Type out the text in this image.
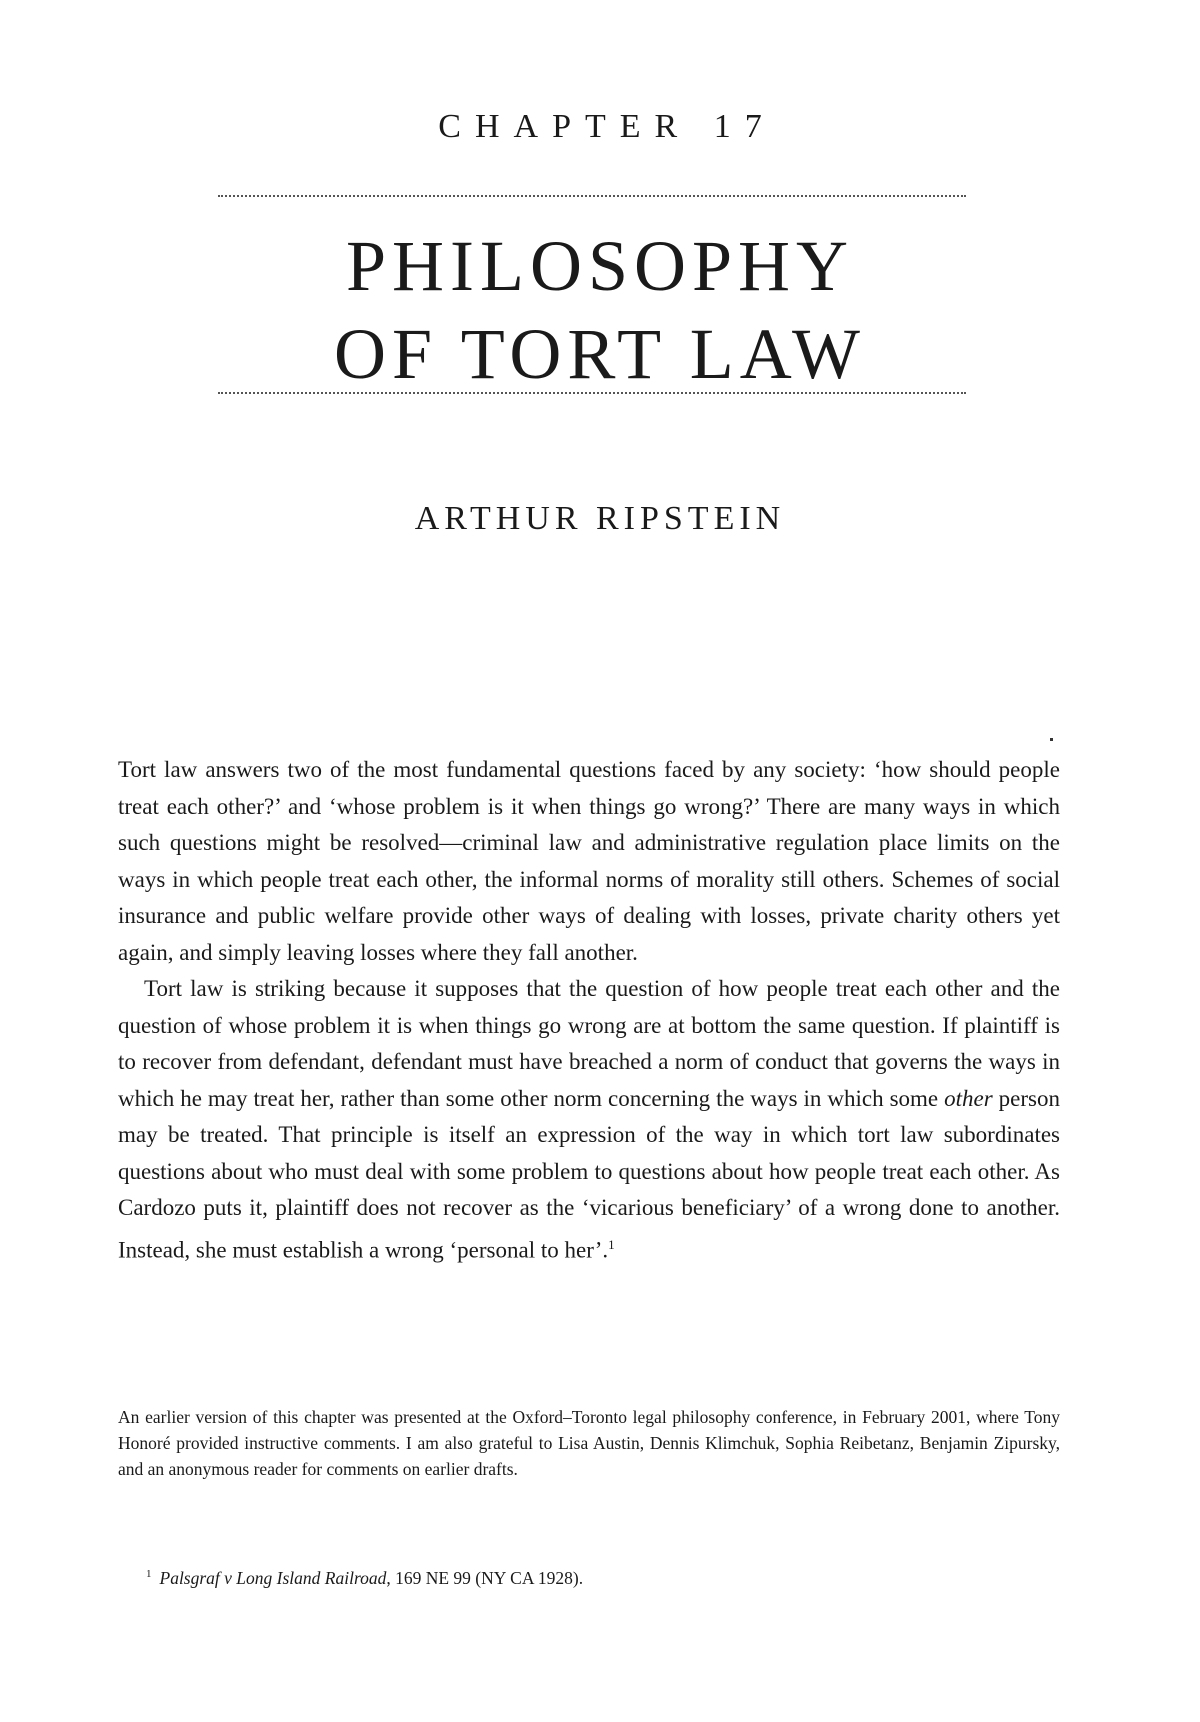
CHAPTER 17
PHILOSOPHY
OF TORT LAW
ARTHUR RIPSTEIN

Tort law answers two of the most fundamental questions faced by any society: ‘how should people treat each other?’ and ‘whose problem is it when things go wrong?’ There are many ways in which such questions might be resolved—criminal law and administrative regulation place limits on the ways in which people treat each other, the informal norms of morality still others. Schemes of social insurance and public welfare provide other ways of dealing with losses, private charity others yet again, and simply leaving losses where they fall another.

Tort law is striking because it supposes that the question of how people treat each other and the question of whose problem it is when things go wrong are at bottom the same question. If plaintiff is to recover from defendant, defendant must have breached a norm of conduct that governs the ways in which he may treat her, rather than some other norm concerning the ways in which some other person may be treated. That principle is itself an expression of the way in which tort law subordinates questions about who must deal with some problem to questions about how people treat each other. As Cardozo puts it, plaintiff does not recover as the ‘vicarious beneficiary’ of a wrong done to another. Instead, she must establish a wrong ‘personal to her’.$^1$

An earlier version of this chapter was presented at the Oxford–Toronto legal philosophy conference, in February 2001, where Tony Honoré provided instructive comments. I am also grateful to Lisa Austin, Dennis Klimchuk, Sophia Reibetanz, Benjamin Zipursky, and an anonymous reader for comments on earlier drafts.
$^1$ Palsgraf v Long Island Railroad, 169 NE 99 (NY CA 1928).
